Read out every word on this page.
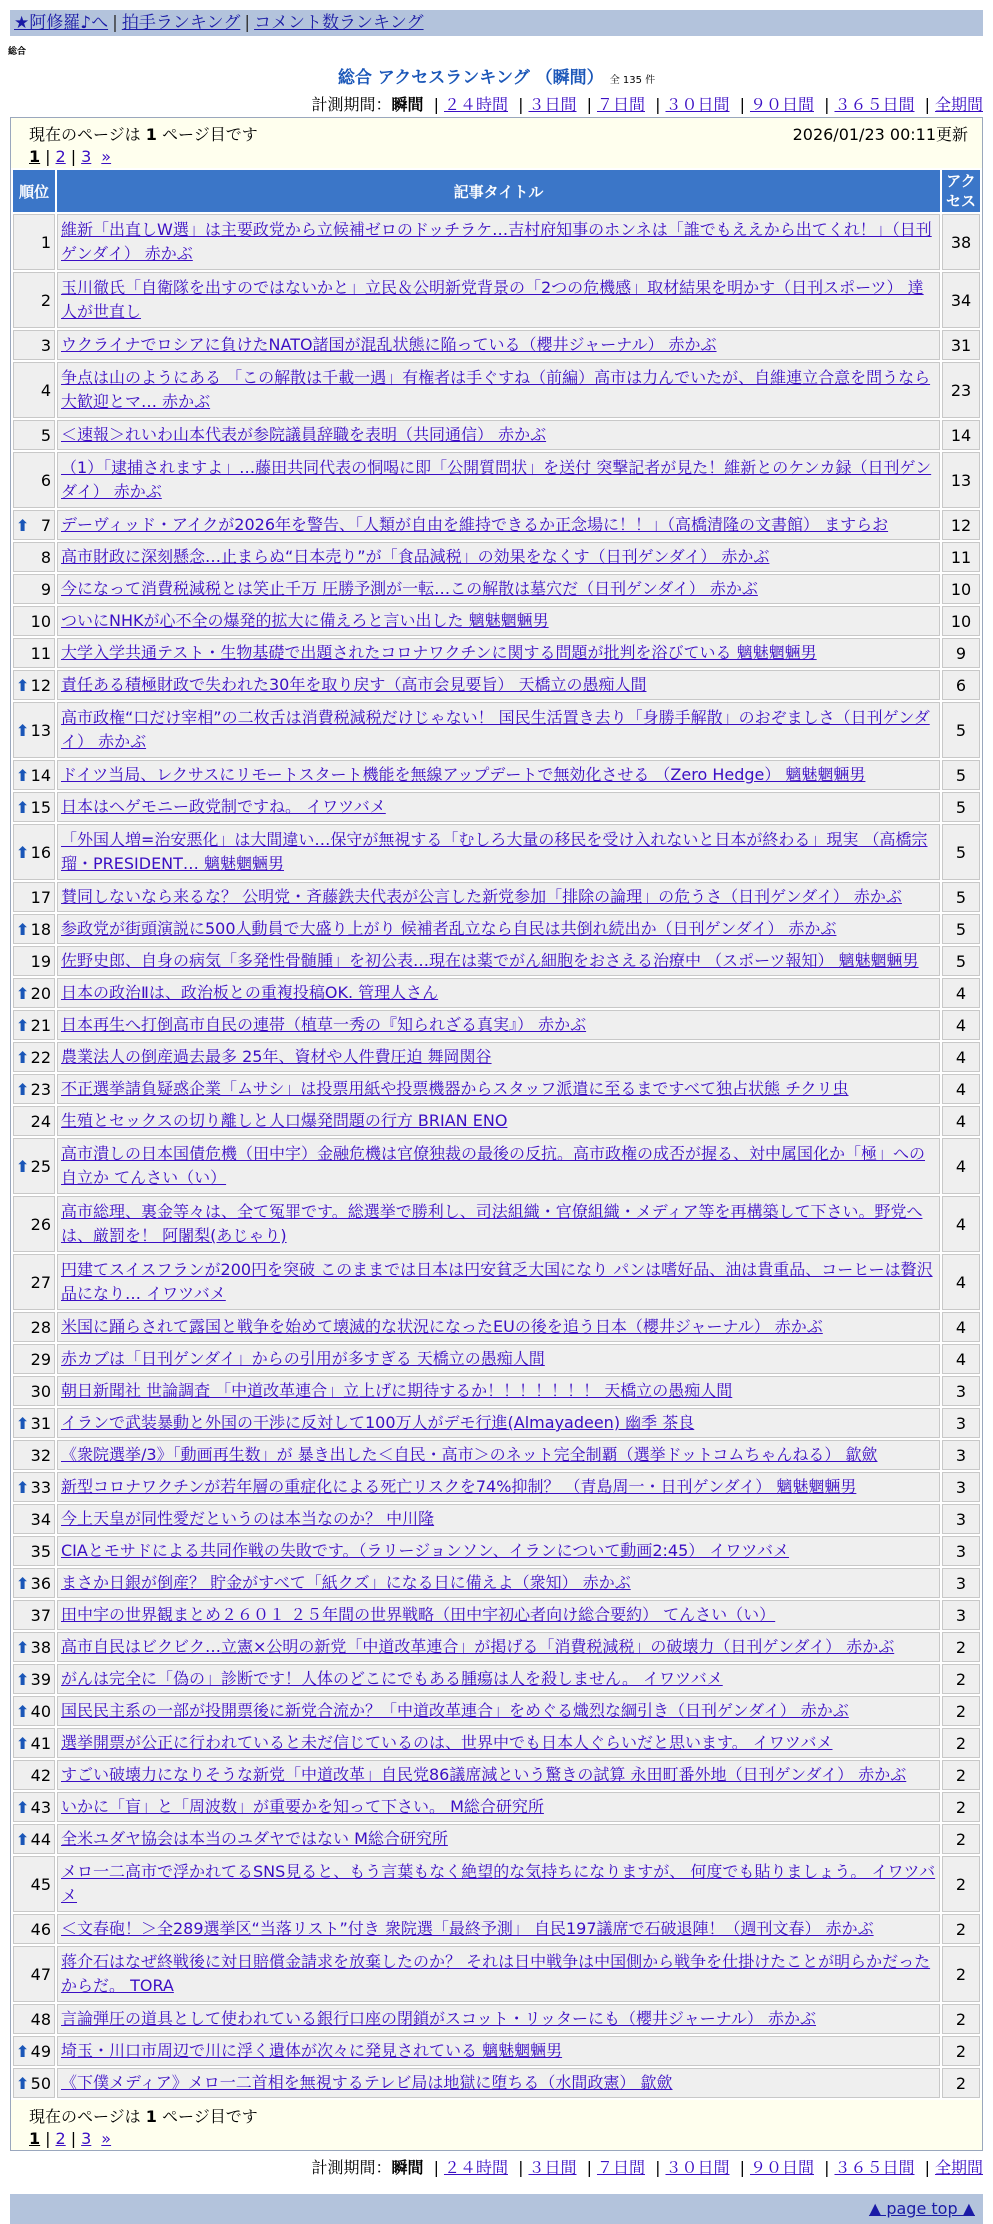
★阿修羅♪へ | 拍手ランキング | コメント数ランキング
総合
総合 アクセスランキング （瞬間） 全 135 件
計測期間：瞬間 | ２４時間 | ３日間 | ７日間 | ３０日間 | ９０日間 | ３６５日間 | 全期間
現在のページは 1 ページ目です	2026/01/23 00:11更新
1 | 2 | 3 »
順位	記事タイトル	アクセス
1	維新「出直しW選」は主要政党から立候補ゼロのドッチラケ…吉村府知事のホンネは「誰でもええから出てくれ！」（日刊ゲンダイ） 赤かぶ	38
2	玉川徹氏「自衛隊を出すのではないかと」立民＆公明新党背景の「2つの危機感」取材結果を明かす（日刊スポーツ） 達人が世直し	34
3	ウクライナでロシアに負けたNATO諸国が混乱状態に陥っている（櫻井ジャーナル） 赤かぶ	31
4	争点は山のようにある 「この解散は千載一遇」有権者は手ぐすね（前編）高市は力んでいたが、自維連立合意を問うなら大歓迎とマ… 赤かぶ	23
5	＜速報＞れいわ山本代表が参院議員辞職を表明（共同通信） 赤かぶ	14
6	（1）「逮捕されますよ」…藤田共同代表の恫喝に即「公開質問状」を送付 突撃記者が見た！維新とのケンカ録（日刊ゲンダイ） 赤かぶ	13

⬆ 7	デーヴィッド・アイクが2026年を警告、「人類が自由を維持できるか正念場に！！」（高橋清隆の文書館） ますらお	12
8	高市財政に深刻懸念…止まらぬ“日本売り”が「食品減税」の効果をなくす（日刊ゲンダイ） 赤かぶ	11
9	今になって消費税減税とは笑止千万 圧勝予測が一転…この解散は墓穴だ（日刊ゲンダイ） 赤かぶ	10
10	ついにNHKが心不全の爆発的拡大に備えろと言い出した 魑魅魍魎男	10
11	大学入学共通テスト・生物基礎で出題されたコロナワクチンに関する問題が批判を浴びている 魑魅魍魎男	9

⬆ 12	責任ある積極財政で失われた30年を取り戻す（高市会見要旨） 天橋立の愚痴人間	6

⬆ 13	高市政権“口だけ宰相”の二枚舌は消費税減税だけじゃない！ 国民生活置き去り「身勝手解散」のおぞましさ（日刊ゲンダイ） 赤かぶ	5

⬆ 14	ドイツ当局、レクサスにリモートスタート機能を無線アップデートで無効化させる （Zero Hedge） 魑魅魍魎男	5

⬆ 15	日本はヘゲモニー政党制ですね。 イワツバメ	5

⬆ 16	「外国人増=治安悪化」は大間違い…保守が無視する「むしろ大量の移民を受け入れないと日本が終わる」現実 （高橋宗瑠・PRESIDENT… 魑魅魍魎男	5
17	賛同しないなら来るな？ 公明党・斉藤鉄夫代表が公言した新党参加「排除の論理」の危うさ（日刊ゲンダイ） 赤かぶ	5

⬆ 18	参政党が街頭演説に500人動員で大盛り上がり 候補者乱立なら自民は共倒れ続出か（日刊ゲンダイ） 赤かぶ	5
19	佐野史郎、自身の病気「多発性骨髄腫」を初公表…現在は薬でがん細胞をおさえる治療中 （スポーツ報知） 魑魅魍魎男	5

⬆ 20	日本の政治Ⅱは、政治板との重複投稿OK. 管理人さん	4

⬆ 21	日本再生へ打倒高市自民の連帯（植草一秀の『知られざる真実』） 赤かぶ	4

⬆ 22	農業法人の倒産過去最多 25年、資材や人件費圧迫 舞岡関谷	4

⬆ 23	不正選挙請負疑惑企業「ムサシ」は投票用紙や投票機器からスタッフ派遣に至るまですべて独占状態 チクリ虫	4
24	生殖とセックスの切り離しと人口爆発問題の行方 BRIAN ENO	4

⬆ 25	高市潰しの日本国債危機（田中宇）金融危機は官僚独裁の最後の反抗。高市政権の成否が握る、対中属国化か「極」への自立か てんさい（い）	4
26	高市総理、裏金等々は、全て冤罪です。総選挙で勝利し、司法組織・官僚組織・メディア等を再構築して下さい。野党へは、厳罰を！ 阿闍梨(あじゃり)	4
27	円建てスイスフランが200円を突破 このままでは日本は円安貧乏大国になり パンは嗜好品、油は貴重品、コーヒーは贅沢品になり… イワツバメ	4
28	米国に踊らされて露国と戦争を始めて壊滅的な状況になったEUの後を追う日本（櫻井ジャーナル） 赤かぶ	4
29	赤カブは「日刊ゲンダイ」からの引用が多すぎる 天橋立の愚痴人間	4
30	朝日新聞社 世論調査 「中道改革連合」立上げに期待するか！！！！！！！ 天橋立の愚痴人間	3

⬆ 31	イランで武装暴動と外国の干渉に反対して100万人がデモ行進(Almayadeen) 幽季 茶良	3
32	《衆院選挙/3》「動画再生数」が 暴き出した＜自民・高市＞のネット完全制覇（選挙ドットコムちゃんねる） 歙歛	3

⬆ 33	新型コロナワクチンが若年層の重症化による死亡リスクを74%抑制？ （青島周一・日刊ゲンダイ） 魑魅魍魎男	3
34	今上天皇が同性愛だというのは本当なのか？ 中川隆	3
35	CIAとモサドによる共同作戦の失敗です。（ラリージョンソン、イランについて動画2:45） イワツバメ	3

⬆ 36	まさか日銀が倒産？ 貯金がすべて「紙クズ」になる日に備えよ（衆知） 赤かぶ	3
37	田中宇の世界観まとめ２６０１ ２５年間の世界戦略（田中宇初心者向け総合要約） てんさい（い）	3

⬆ 38	高市自民はビクビク…立憲×公明の新党「中道改革連合」が掲げる「消費税減税」の破壊力（日刊ゲンダイ） 赤かぶ	2

⬆ 39	がんは完全に「偽の」診断です！人体のどこにでもある腫瘍は人を殺しません。 イワツバメ	2

⬆ 40	国民民主系の一部が投開票後に新党合流か？「中道改革連合」をめぐる熾烈な綱引き（日刊ゲンダイ） 赤かぶ	2

⬆ 41	選挙開票が公正に行われていると未だ信じているのは、世界中でも日本人ぐらいだと思います。 イワツバメ	2
42	すごい破壊力になりそうな新党「中道改革」自民党86議席減という驚きの試算 永田町番外地（日刊ゲンダイ） 赤かぶ	2

⬆ 43	いかに「盲」と「周波数」が重要かを知って下さい。 M総合研究所	2

⬆ 44	全米ユダヤ協会は本当のユダヤではない M総合研究所	2
45	メロ一二高市で浮かれてるSNS見ると、もう言葉もなく絶望的な気持ちになりますが、 何度でも貼りましょう。 イワツバメ	2
46	＜文春砲！＞全289選挙区“当落リスト”付き 衆院選「最終予測」 自民197議席で石破退陣！（週刊文春） 赤かぶ	2
47	蒋介石はなぜ終戦後に対日賠償金請求を放棄したのか？ それは日中戦争は中国側から戦争を仕掛けたことが明らかだったからだ。 TORA	2
48	言論弾圧の道具として使われている銀行口座の閉鎖がスコット・リッターにも（櫻井ジャーナル） 赤かぶ	2

⬆ 49	埼玉・川口市周辺で川に浮く遺体が次々に発見されている 魑魅魍魎男	2

⬆ 50	《下僕メディア》メロ一二首相を無視するテレビ局は地獄に堕ちる（水間政憲） 歙歛	2
現在のページは 1 ページ目です
1 | 2 | 3 »
計測期間：瞬間 | ２４時間 | ３日間 | ７日間 | ３０日間 | ９０日間 | ３６５日間 | 全期間
▲ page top ▲
